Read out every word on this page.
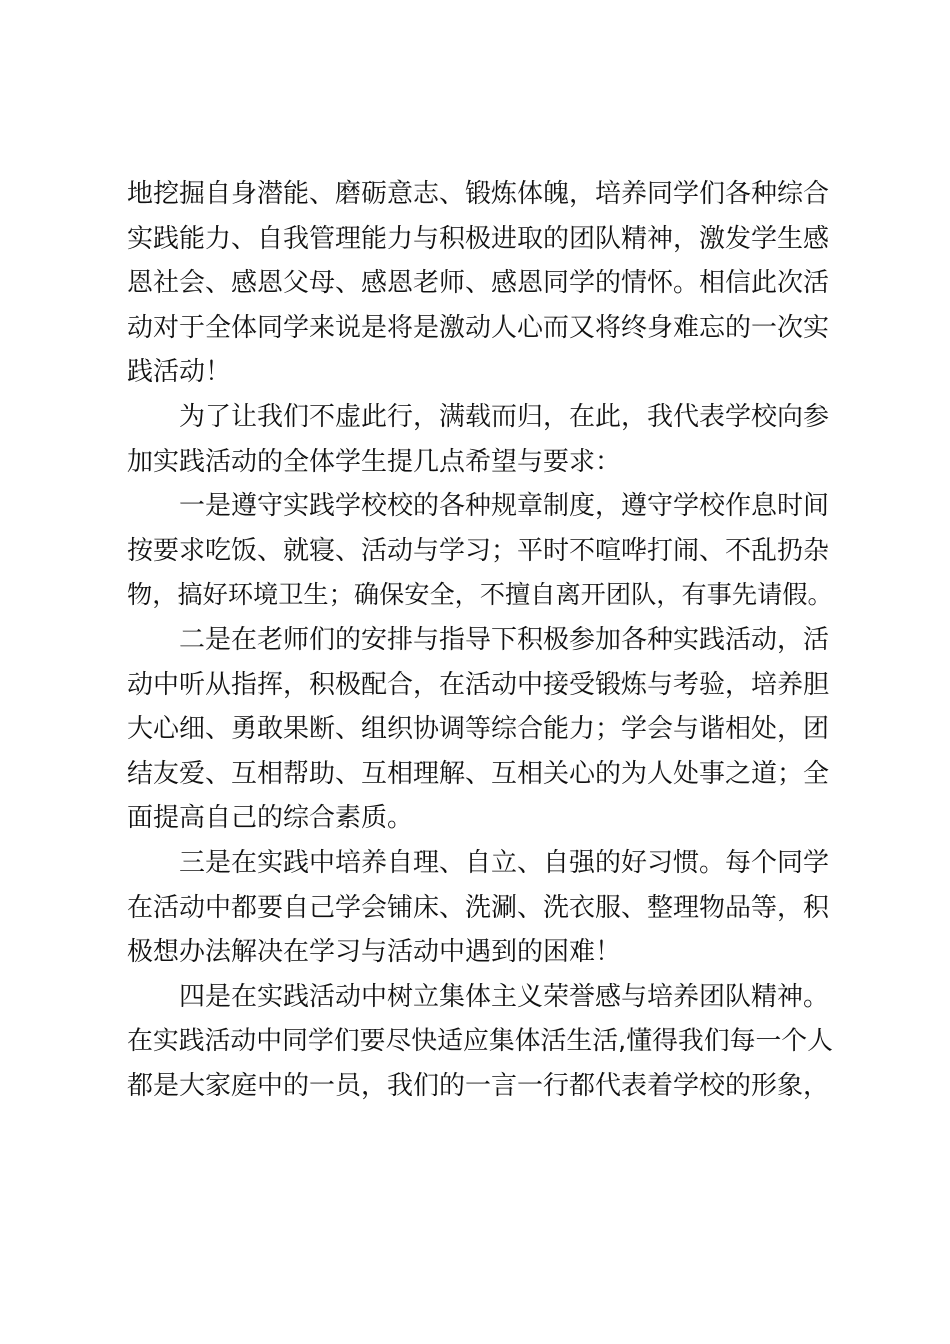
地挖掘自身潜能、磨砺意志、锻炼体魄，培养同学们各种综合
实践能力、自我管理能力与积极进取的团队精神，激发学生感
恩社会、感恩父母、感恩老师、感恩同学的情怀。相信此次活
动对于全体同学来说是将是激动人心而又将终身难忘的一次实
践活动！
为了让我们不虚此行，满载而归，在此，我代表学校向参
加实践活动的全体学生提几点希望与要求：
一是遵守实践学校校的各种规章制度，遵守学校作息时间
按要求吃饭、就寝、活动与学习；平时不喧哗打闹、不乱扔杂
物，搞好环境卫生；确保安全，不擅自离开团队，有事先请假。
二是在老师们的安排与指导下积极参加各种实践活动，活
动中听从指挥，积极配合，在活动中接受锻炼与考验，培养胆
大心细、勇敢果断、组织协调等综合能力；学会与谐相处，团
结友爱、互相帮助、互相理解、互相关心的为人处事之道；全
面提高自己的综合素质。
三是在实践中培养自理、自立、自强的好习惯。每个同学
在活动中都要自己学会铺床、洗涮、洗衣服、整理物品等，积
极想办法解决在学习与活动中遇到的困难！
四是在实践活动中树立集体主义荣誉感与培养团队精神。
在实践活动中同学们要尽快适应集体活生活,懂得我们每一个人
都是大家庭中的一员，我们的一言一行都代表着学校的形象，
